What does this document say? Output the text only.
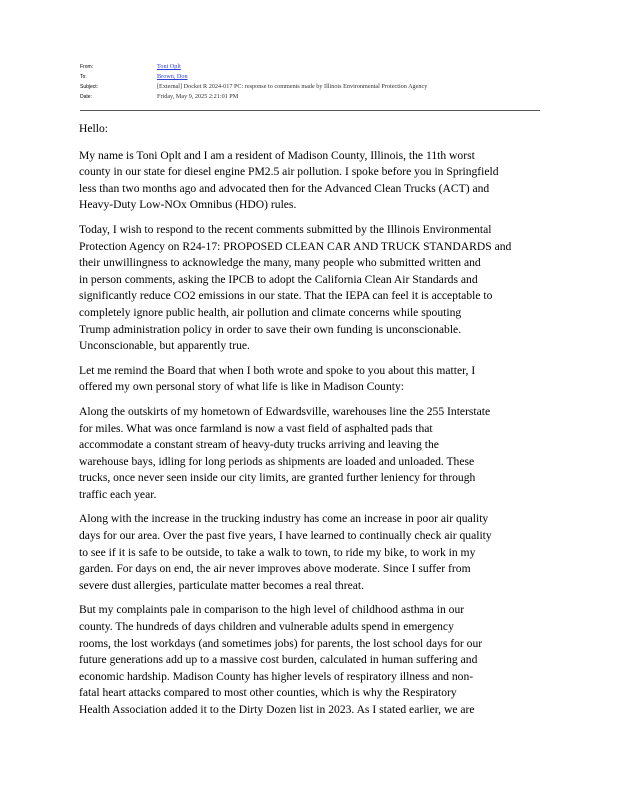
From:	Toni Oplt
To:	Brown, Don
Subject:	[External] Docket R 2024-017 PC: response to comments made by Illinois Environmental Protection Agency
Date:	Friday, May 9, 2025 2:21:01 PM

Hello:

My name is Toni Oplt and I am a resident of Madison County, Illinois, the 11th worst
county in our state for diesel engine PM2.5 air pollution. I spoke before you in Springfield
less than two months ago and advocated then for the Advanced Clean Trucks (ACT) and
Heavy-Duty Low-NOx Omnibus (HDO) rules.

Today, I wish to respond to the recent comments submitted by the Illinois Environmental
Protection Agency on R24-17: PROPOSED CLEAN CAR AND TRUCK STANDARDS and
their unwillingness to acknowledge the many, many people who submitted written and
in person comments, asking the IPCB to adopt the California Clean Air Standards and
significantly reduce CO2 emissions in our state. That the IEPA can feel it is acceptable to
completely ignore public health, air pollution and climate concerns while spouting
Trump administration policy in order to save their own funding is unconscionable.
Unconscionable, but apparently true.

Let me remind the Board that when I both wrote and spoke to you about this matter, I
offered my own personal story of what life is like in Madison County:

Along the outskirts of my hometown of Edwardsville, warehouses line the 255 Interstate
for miles. What was once farmland is now a vast field of asphalted pads that
accommodate a constant stream of heavy-duty trucks arriving and leaving the
warehouse bays, idling for long periods as shipments are loaded and unloaded. These
trucks, once never seen inside our city limits, are granted further leniency for through
traffic each year.

Along with the increase in the trucking industry has come an increase in poor air quality
days for our area. Over the past five years, I have learned to continually check air quality
to see if it is safe to be outside, to take a walk to town, to ride my bike, to work in my
garden. For days on end, the air never improves above moderate. Since I suffer from
severe dust allergies, particulate matter becomes a real threat.

But my complaints pale in comparison to the high level of childhood asthma in our
county. The hundreds of days children and vulnerable adults spend in emergency
rooms, the lost workdays (and sometimes jobs) for parents, the lost school days for our
future generations add up to a massive cost burden, calculated in human suffering and
economic hardship. Madison County has higher levels of respiratory illness and non-
fatal heart attacks compared to most other counties, which is why the Respiratory
Health Association added it to the Dirty Dozen list in 2023. As I stated earlier, we are
